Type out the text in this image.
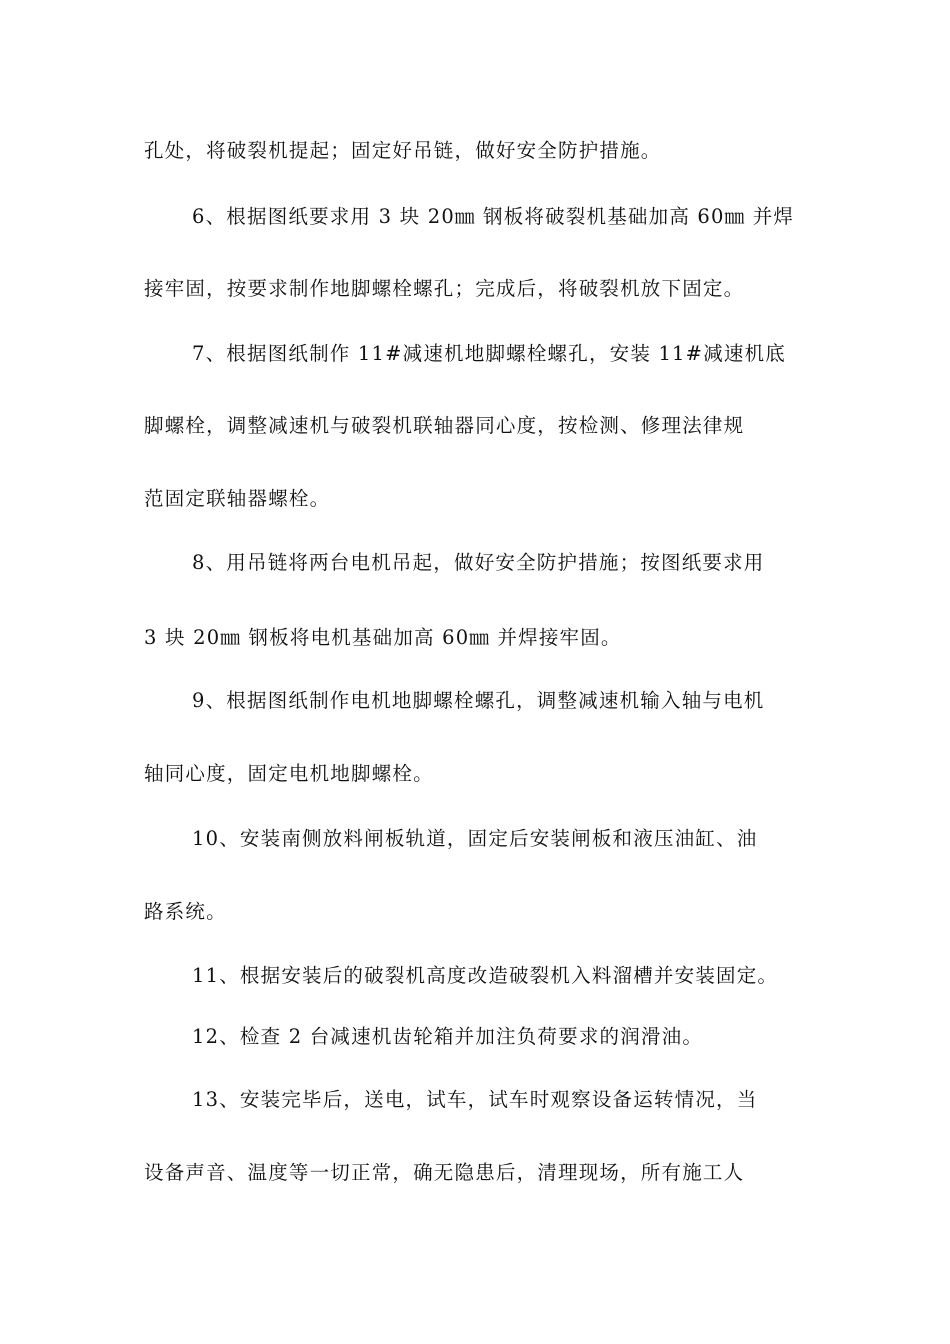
孔处，将破裂机提起；固定好吊链，做好安全防护措施。
6、根据图纸要求用 3 块 20㎜ 钢板将破裂机基础加高 60㎜ 并焊
接牢固，按要求制作地脚螺栓螺孔；完成后，将破裂机放下固定。
7、根据图纸制作 11#减速机地脚螺栓螺孔，安装 11#减速机底
脚螺栓，调整减速机与破裂机联轴器同心度，按检测、修理法律规
范固定联轴器螺栓。
8、用吊链将两台电机吊起，做好安全防护措施；按图纸要求用
3 块 20㎜ 钢板将电机基础加高 60㎜ 并焊接牢固。
9、根据图纸制作电机地脚螺栓螺孔，调整减速机输入轴与电机
轴同心度，固定电机地脚螺栓。
10、安装南侧放料闸板轨道，固定后安装闸板和液压油缸、油
路系统。
11、根据安装后的破裂机高度改造破裂机入料溜槽并安装固定。
12、检查 2 台减速机齿轮箱并加注负荷要求的润滑油。
13、安装完毕后，送电，试车，试车时观察设备运转情况，当
设备声音、温度等一切正常，确无隐患后，清理现场，所有施工人
